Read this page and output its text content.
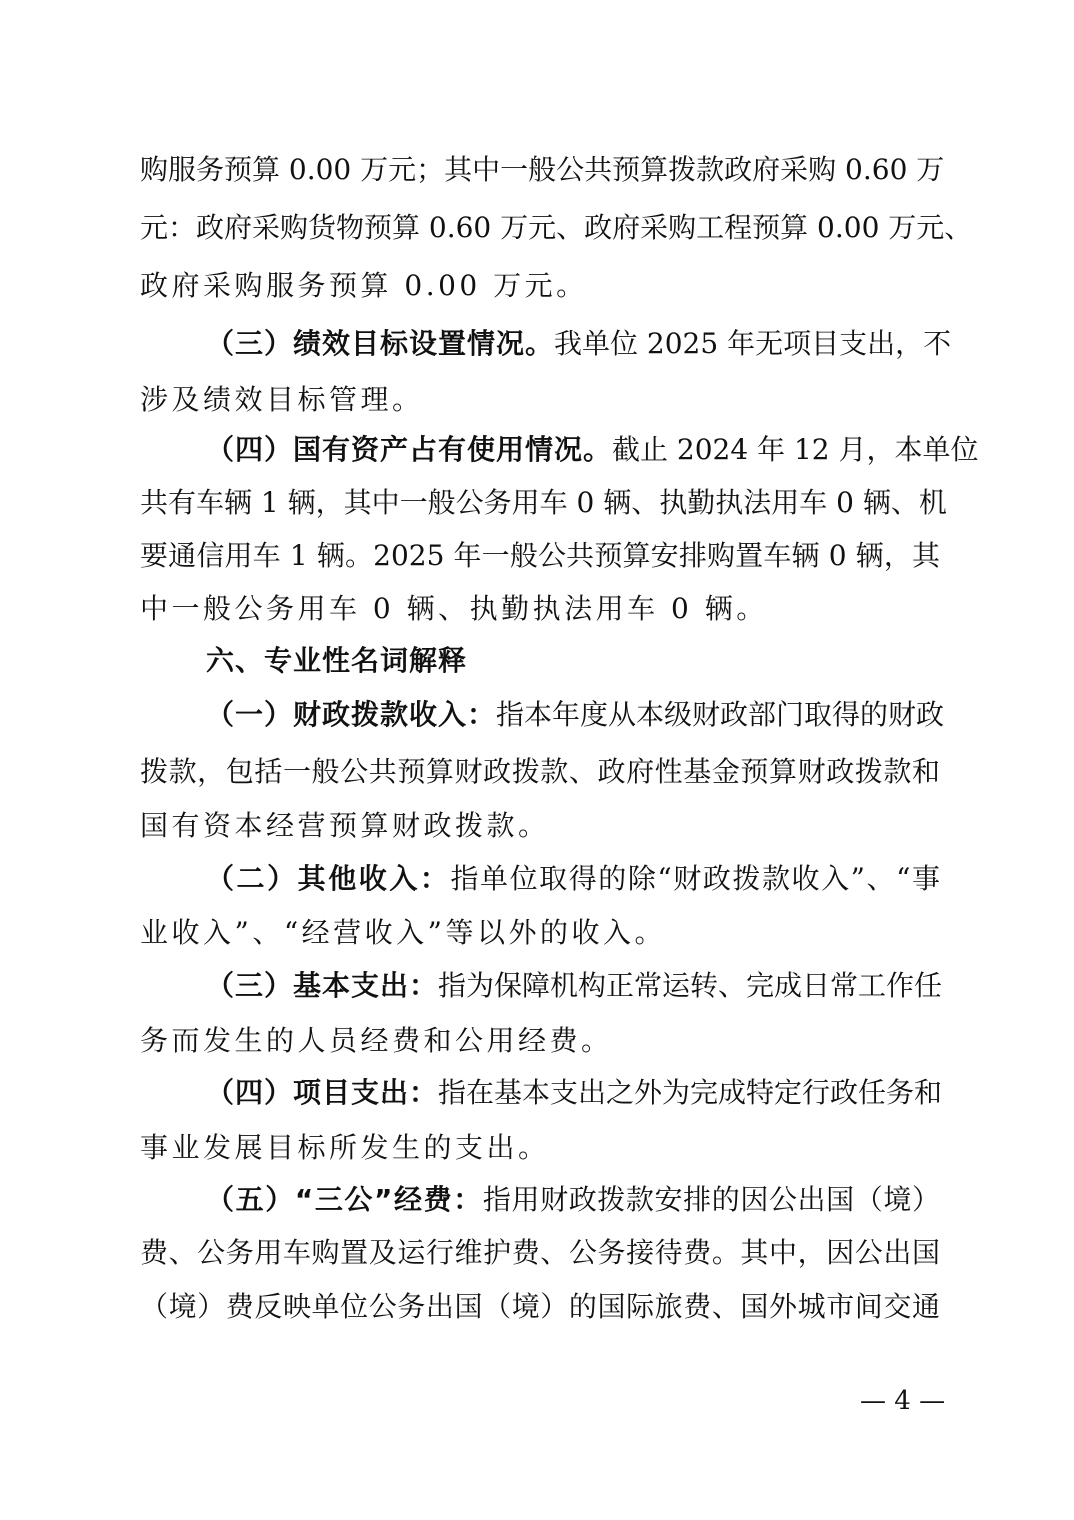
购服务预算 0.00 万元；其中一般公共预算拨款政府采购 0.60 万
元：政府采购货物预算 0.60 万元、政府采购工程预算 0.00 万元、
政府采购服务预算 0.00 万元。
（三）绩效目标设置情况。我单位 2025 年无项目支出，不
涉及绩效目标管理。
（四）国有资产占有使用情况。截止 2024 年 12 月，本单位
共有车辆 1 辆，其中一般公务用车 0 辆、执勤执法用车 0 辆、机
要通信用车 1 辆。2025 年一般公共预算安排购置车辆 0 辆，其
中一般公务用车 0 辆、执勤执法用车 0 辆。
六、专业性名词解释
（一）财政拨款收入：指本年度从本级财政部门取得的财政
拨款，包括一般公共预算财政拨款、政府性基金预算财政拨款和
国有资本经营预算财政拨款。
（二）其他收入：指单位取得的除“财政拨款收入”、“事
业收入”、“经营收入”等以外的收入。
（三）基本支出：指为保障机构正常运转、完成日常工作任
务而发生的人员经费和公用经费。
（四）项目支出：指在基本支出之外为完成特定行政任务和
事业发展目标所发生的支出。
（五）“三公”经费：指用财政拨款安排的因公出国（境）
费、公务用车购置及运行维护费、公务接待费。其中，因公出国
（境）费反映单位公务出国（境）的国际旅费、国外城市间交通
— 4 —
